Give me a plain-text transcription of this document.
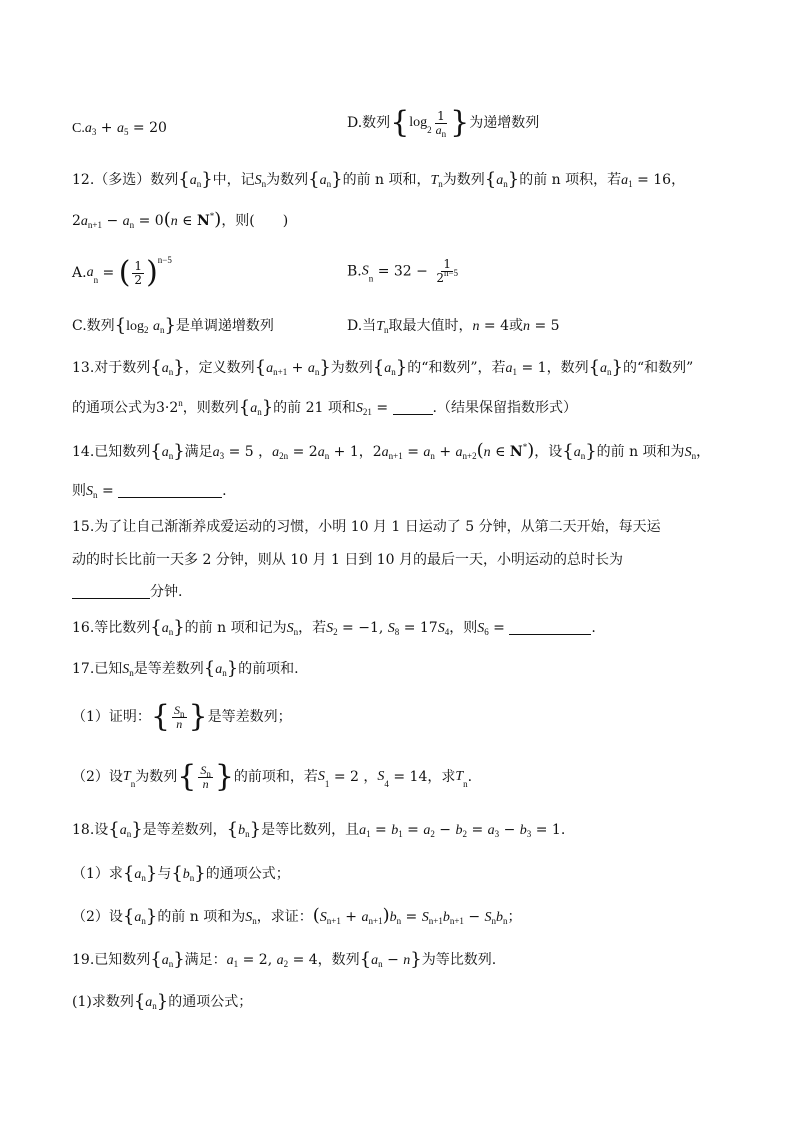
$C.a_3 + a_5 = 20$	D.数列{$\log_2 \frac{1}{a_n}$ }为递增数列
12.（多选）数列$\{a_n\}$中，记$S_n$为数列$\{a_n\}$的前 n 项和，$T_n$为数列$\{a_n\}$的前 n 项积，若$a_1 = 16$，
$2a_{n+1} - a_n = 0(n$ ∈ N*)，则(　　)
$A.a_n$ = ( $\frac{1}{2} )^{n-5}$
$B.S_n = 32 - \frac{1}{2^{n-5}}$
C.数列{$\log_2$ $a_n$}是单调递增数列	D.当$T_n$取最大值时，n = 4或n = 5
13.对于数列$\{a_n\}$，定义数列$\{a_{n+1} + a_n\}$为数列$\{a_n\}$的“和数列”，若$a_1 = 1$，数列$\{a_n\}$的“和数列”
的通项公式为$3\cdot 2^n$，则数列$\{a_n\}$的前 21 项和$S_{21}$ =	.（结果保留指数形式）
14.已知数列$\{a_n\}$满足$a_3 = 5$ ，$a_{2n} = 2a_n + 1$，$2a_{n+1} = a_n + a_{n+2}(n$ ∈ N*)，设$\{a_n\}$的前 n 项和为$S_n$，
则$S_n$ =	.
15.为了让自己渐渐养成爱运动的习惯，小明 10 月 1 日运动了 5 分钟，从第二天开始，每天运
动的时长比前一天多 2 分钟，则从 10 月 1 日到 10 月的最后一天，小明运动的总时长为
分钟.
16.等比数列$\{a_n\}$的前 n 项和记为$S_n$，若$S_2 = -1$, $S_8 = 17S_4$，则$S_6$ =	.
17.已知$S_n$是等差数列$\{a_n\}$的前项和.
（1）证明：{ $\frac{S_n}{n}$ }是等差数列；
（2）设$T_n$为数列{ $\frac{S_n}{n}$ }的前项和，若$S_1 = 2$ ，$S_4 = 14$，求$T_n$.
18.设$\{a_n\}$是等差数列，$\{b_n\}$是等比数列，且$a_1 = b_1 = a_2 - b_2 = a_3 - b_3 = 1$.
（1）求$\{a_n\}$与$\{b_n\}$的通项公式；
（2）设$\{a_n\}$的前 n 项和为$S_n$，求证：$(S_{n+1} + a_{n+1})b_n = S_{n+1}b_{n+1} - S_nb_n$；
19.已知数列$\{a_n\}$满足：$a_1 = 2$, $a_2 = 4$，数列$\{a_n - n\}$为等比数列.
(1)求数列$\{a_n\}$的通项公式；
